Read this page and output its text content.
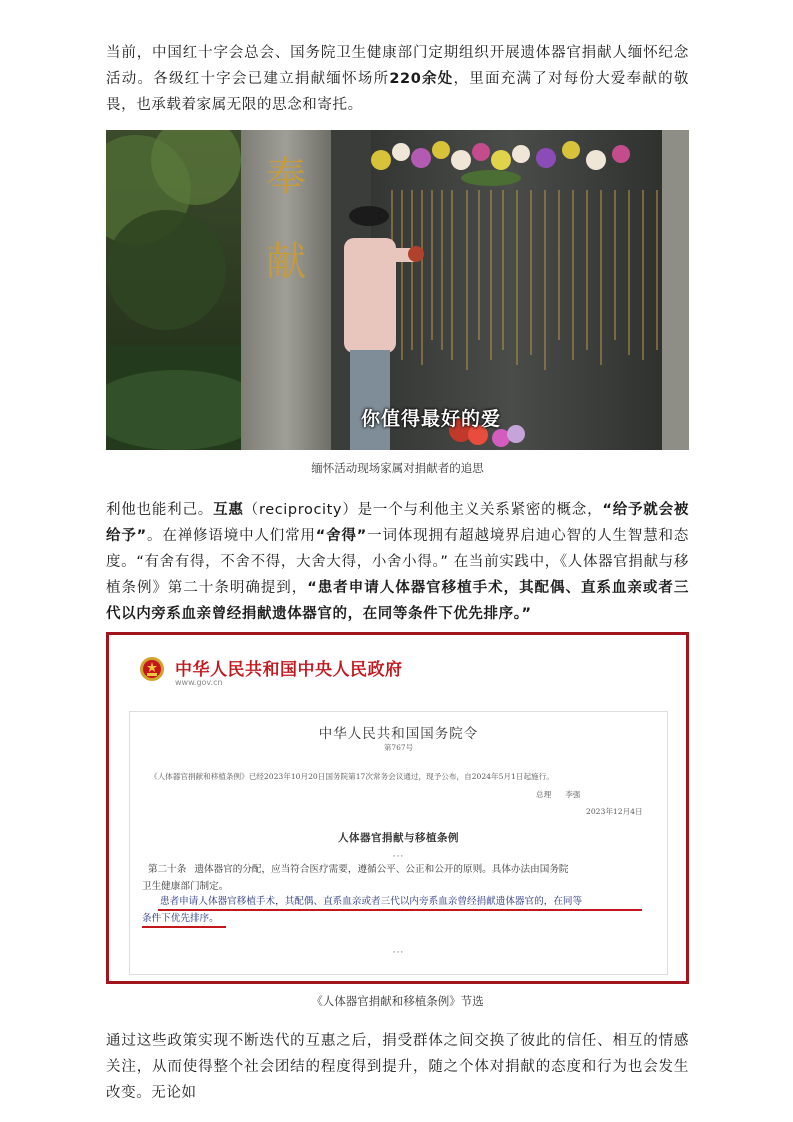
当前，中国红十字会总会、国务院卫生健康部门定期组织开展遗体器官捐献人缅怀纪念活动。各级红十字会已建立捐献缅怀场所220余处，里面充满了对每份大爱奉献的敬畏，也承载着家属无限的思念和寄托。

奉
献
你值得最好的爱

缅怀活动现场家属对捐献者的追思

利他也能利己。互惠（reciprocity）是一个与利他主义关系紧密的概念，“给予就会被给予”。在禅修语境中人们常用“舍得”一词体现拥有超越境界启迪心智的人生智慧和态度。“有舍有得，不舍不得，大舍大得，小舍小得。” 在当前实践中，《人体器官捐献与移植条例》第二十条明确提到，“患者申请人体器官移植手术，其配偶、直系血亲或者三代以内旁系血亲曾经捐献遗体器官的，在同等条件下优先排序。”

中华人民共和国中央人民政府
www.gov.cn
中华人民共和国国务院令
第767号
《人体器官捐献和移植条例》已经2023年10月20日国务院第17次常务会议通过，现予公布，自2024年5月1日起施行。
总理 李强
2023年12月4日
人体器官捐献与移植条例
···
第二十条 遗体器官的分配，应当符合医疗需要，遵循公平、公正和公开的原则。具体办法由国务院
卫生健康部门制定。
患者申请人体器官移植手术，其配偶、直系血亲或者三代以内旁系血亲曾经捐献遗体器官的，在同等
条件下优先排序。
···

《人体器官捐献和移植条例》节选

通过这些政策实现不断迭代的互惠之后，捐受群体之间交换了彼此的信任、相互的情感关注，从而使得整个社会团结的程度得到提升，随之个体对捐献的态度和行为也会发生改变。无论如
